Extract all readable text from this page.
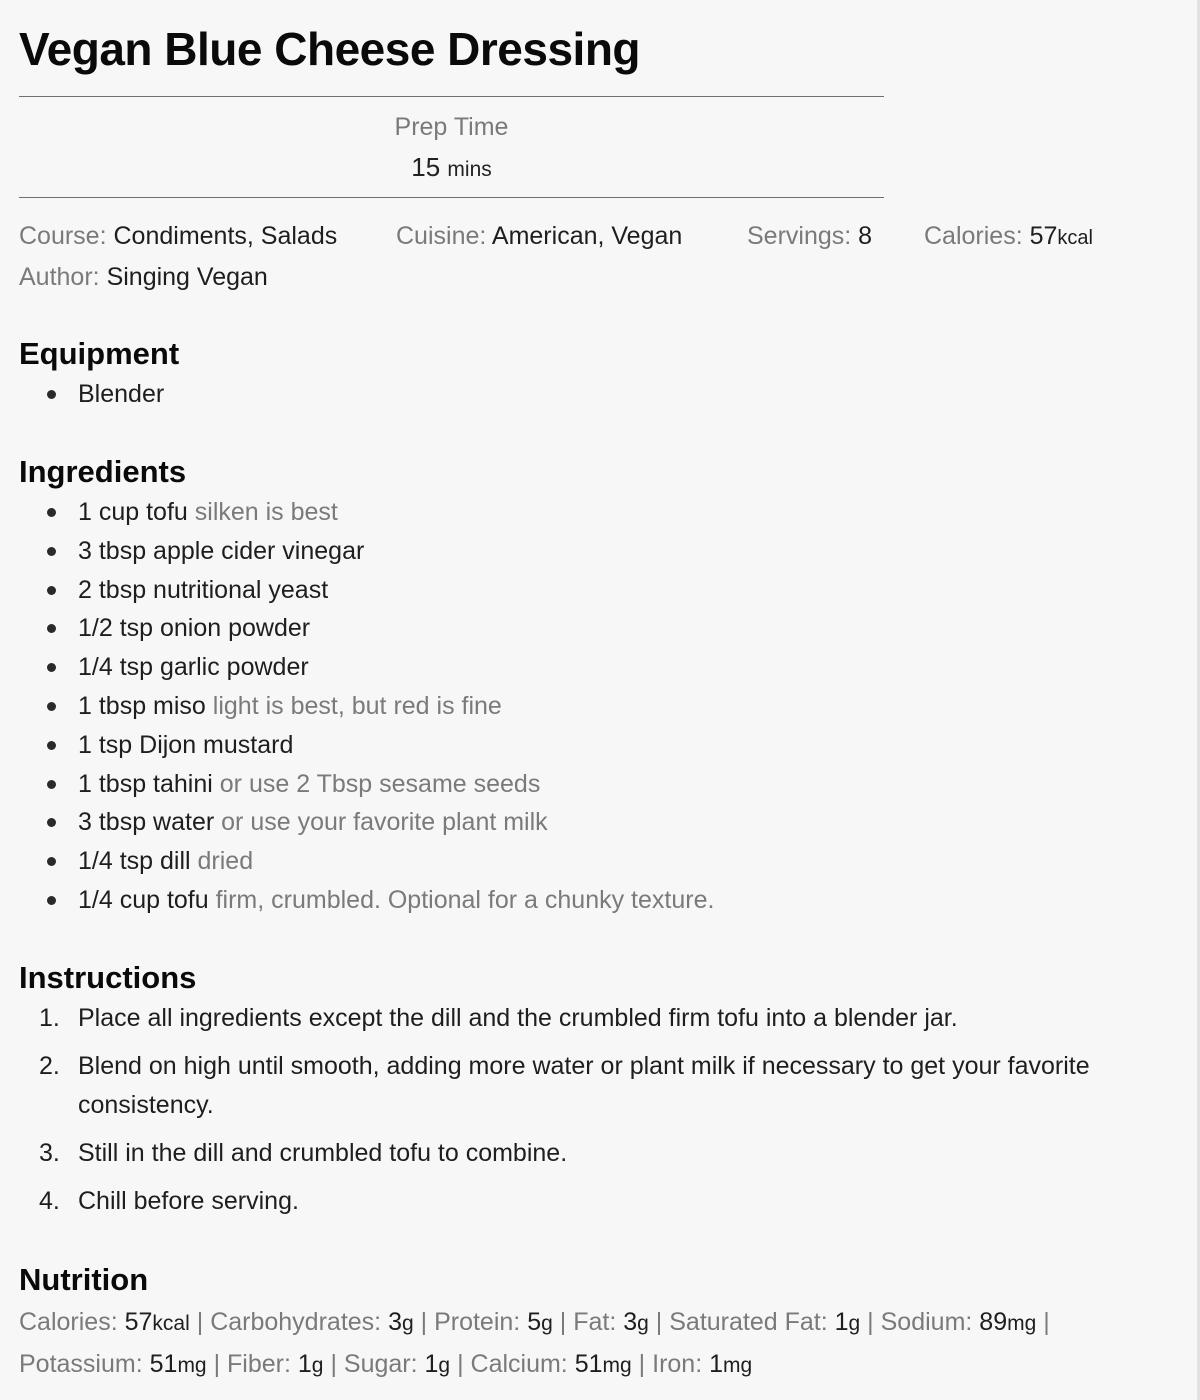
Vegan Blue Cheese Dressing
Prep Time
15 mins
Course: Condiments, Salads Cuisine: American, Vegan	Servings: 8 Calories: 57kcal
Author: Singing Vegan
Equipment
Blender
Ingredients
1 cup tofu silken is best
3 tbsp apple cider vinegar
2 tbsp nutritional yeast
1/2 tsp onion powder
1/4 tsp garlic powder
1 tbsp miso light is best, but red is fine
1 tsp Dijon mustard
1 tbsp tahini or use 2 Tbsp sesame seeds
3 tbsp water or use your favorite plant milk
1/4 tsp dill dried
1/4 cup tofu firm, crumbled. Optional for a chunky texture.
Instructions
1. Place all ingredients except the dill and the crumbled firm tofu into a blender jar.
2. Blend on high until smooth, adding more water or plant milk if necessary to get your favorite consistency.
3. Still in the dill and crumbled tofu to combine.
4. Chill before serving.
Nutrition
Calories: 57kcal | Carbohydrates: 3g | Protein: 5g | Fat: 3g | Saturated Fat: 1g | Sodium: 89mg | Potassium: 51mg | Fiber: 1g | Sugar: 1g | Calcium: 51mg | Iron: 1mg
